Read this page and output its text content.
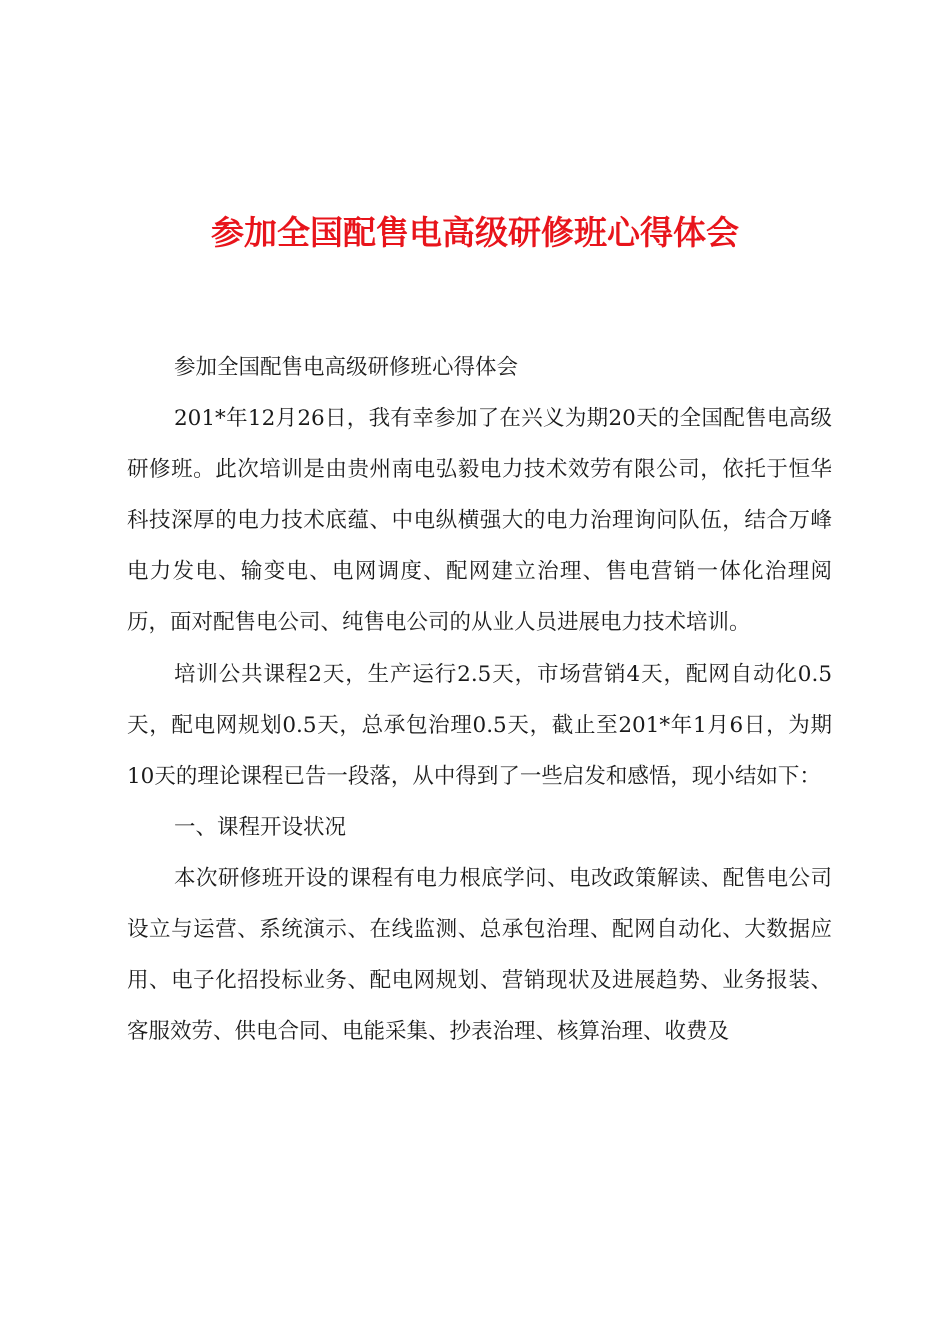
参加全国配售电高级研修班心得体会

参加全国配售电高级研修班心得体会

201*年12月26日，我有幸参加了在兴义为期20天的全国配售电高级研修班。此次培训是由贵州南电弘毅电力技术效劳有限公司，依托于恒华科技深厚的电力技术底蕴、中电纵横强大的电力治理询问队伍，结合万峰电力发电、输变电、电网调度、配网建立治理、售电营销一体化治理阅历，面对配售电公司、纯售电公司的从业人员进展电力技术培训。

培训公共课程2天，生产运行2.5天，市场营销4天，配网自动化0.5天，配电网规划0.5天，总承包治理0.5天，截止至201*年1月6日，为期10天的理论课程已告一段落，从中得到了一些启发和感悟，现小结如下：

一、课程开设状况

本次研修班开设的课程有电力根底学问、电改政策解读、配售电公司设立与运营、系统演示、在线监测、总承包治理、配网自动化、大数据应用、电子化招投标业务、配电网规划、营销现状及进展趋势、业务报装、客服效劳、供电合同、电能采集、抄表治理、核算治理、收费及
